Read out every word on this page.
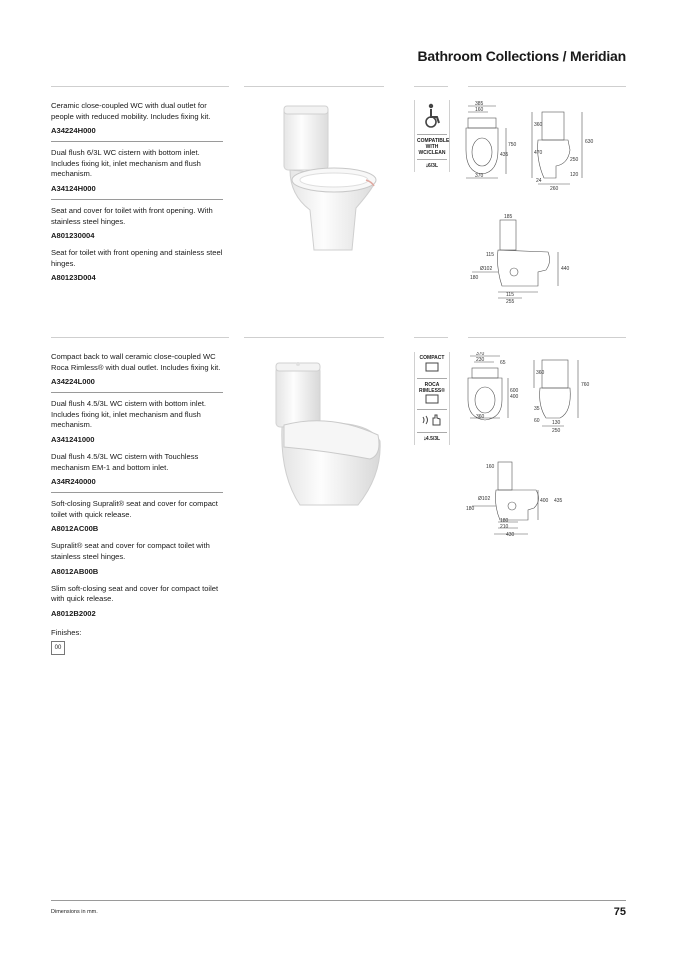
Bathroom Collections / Meridian
Ceramic close-coupled WC with dual outlet for people with reduced mobility. Includes fixing kit.
A34224H000
Dual flush 6/3L WC cistern with bottom inlet. Includes fixing kit, inlet mechanism and flush mechanism.
A34124H000
Seat and cover for toilet with front opening. With stainless steel hinges.
A801230004
Seat for toilet with front opening and stainless steel hinges.
A80123D004
COMPATIBLE WITH WC/CLEAN
💧︎6/3L
385
160
360
630
750
470
435
250
370
24
120
260
185
115
180
Ø102	440
115
255
Compact back to wall ceramic close-coupled WC Roca Rimless® with dual outlet. Includes fixing kit.
A34224L000
Dual flush 4.5/3L WC cistern with bottom inlet. Includes fixing kit, inlet mechanism and flush mechanism.
A341241000
Dual flush 4.5/3L WC cistern with Touchless mechanism EM-1 and bottom inlet.
A34R240000
Soft-closing Supralit® seat and cover for compact toilet with quick release.
A8012AC00B
Supralit® seat and cover for compact toilet with stainless steel hinges.
A8012AB00B
Slim soft-closing seat and cover for compact toilet with quick release.
A8012B2002
Finishes:
00
COMPACT
ROCA RIMLESS®
💧︎4.5/3L
370
230	65
360
760
600
400
35
60 130
250
360
160
Ø102
180
400 435
180
210
430
Dimensions in mm.	75
